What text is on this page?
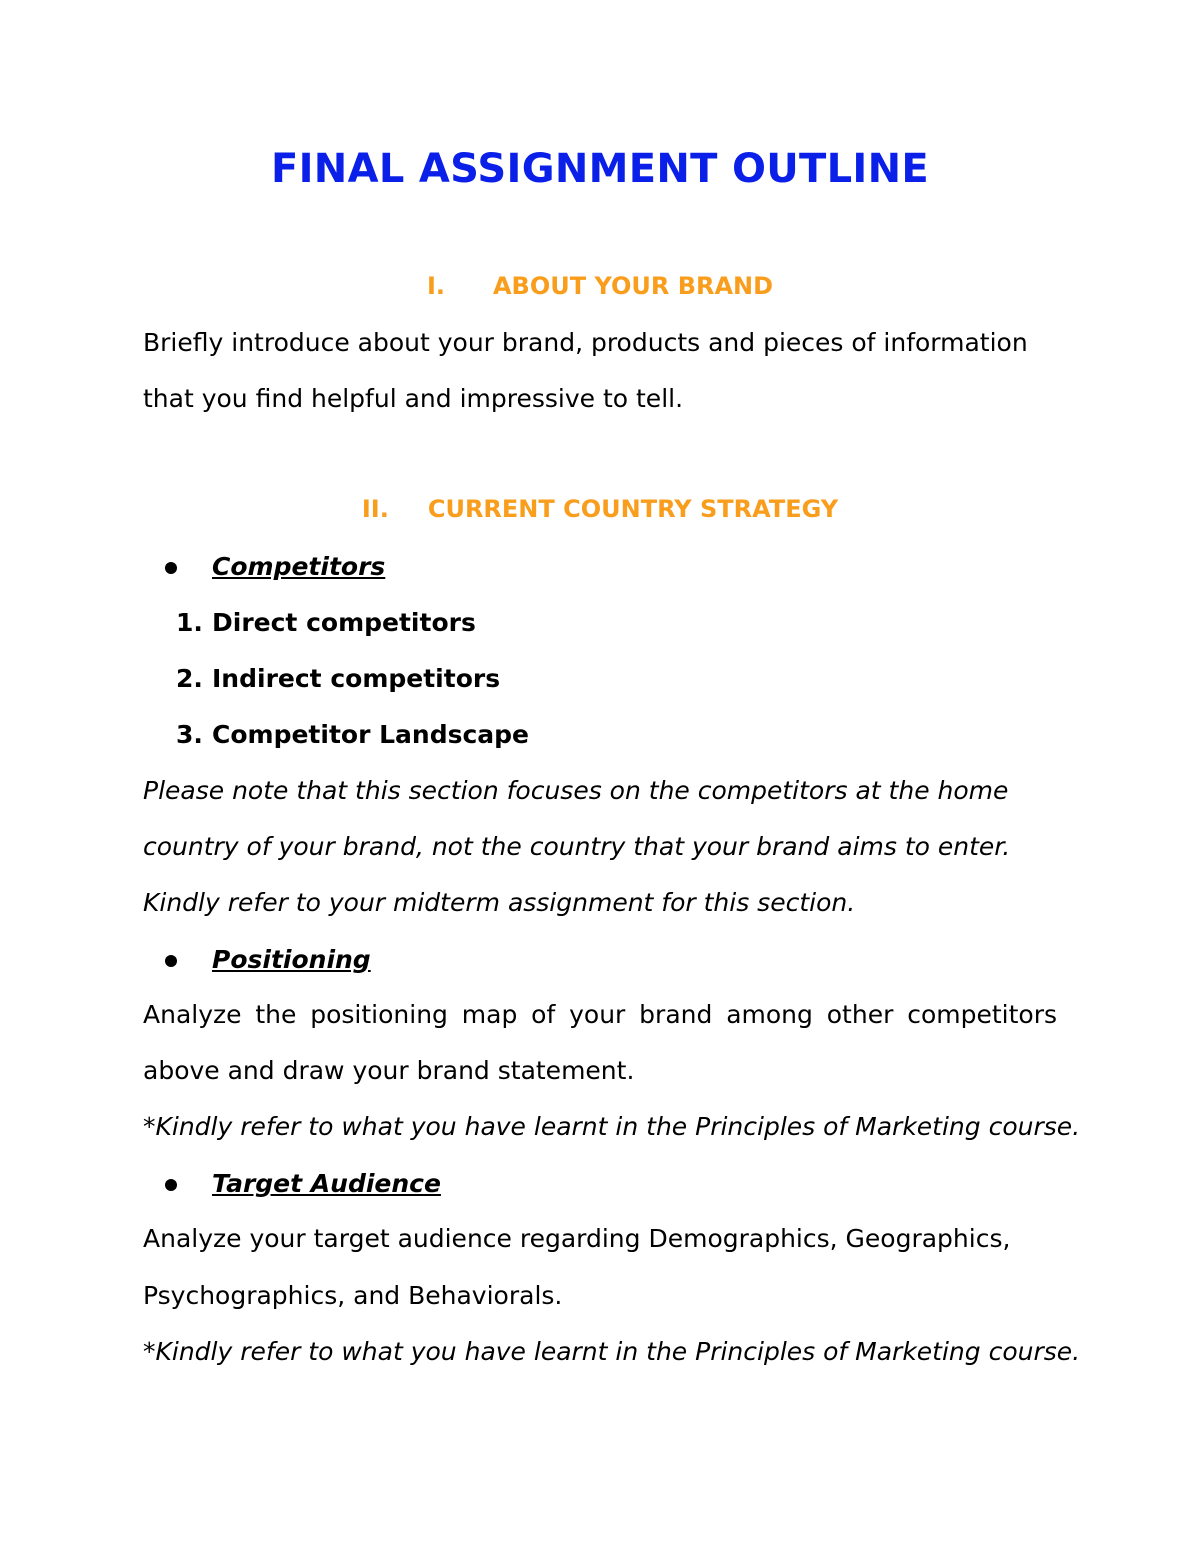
FINAL ASSIGNMENT OUTLINE
I. ABOUT YOUR BRAND
Briefly introduce about your brand, products and pieces of information
that you find helpful and impressive to tell.
II. CURRENT COUNTRY STRATEGY
Competitors
1. Direct competitors
2. Indirect competitors
3. Competitor Landscape
Please note that this section focuses on the competitors at the home
country of your brand, not the country that your brand aims to enter.
Kindly refer to your midterm assignment for this section.
Positioning
Analyze the positioning map of your brand among other competitors
above and draw your brand statement.
*Kindly refer to what you have learnt in the Principles of Marketing course.
Target Audience
Analyze your target audience regarding Demographics, Geographics,
Psychographics, and Behaviorals.
*Kindly refer to what you have learnt in the Principles of Marketing course.
